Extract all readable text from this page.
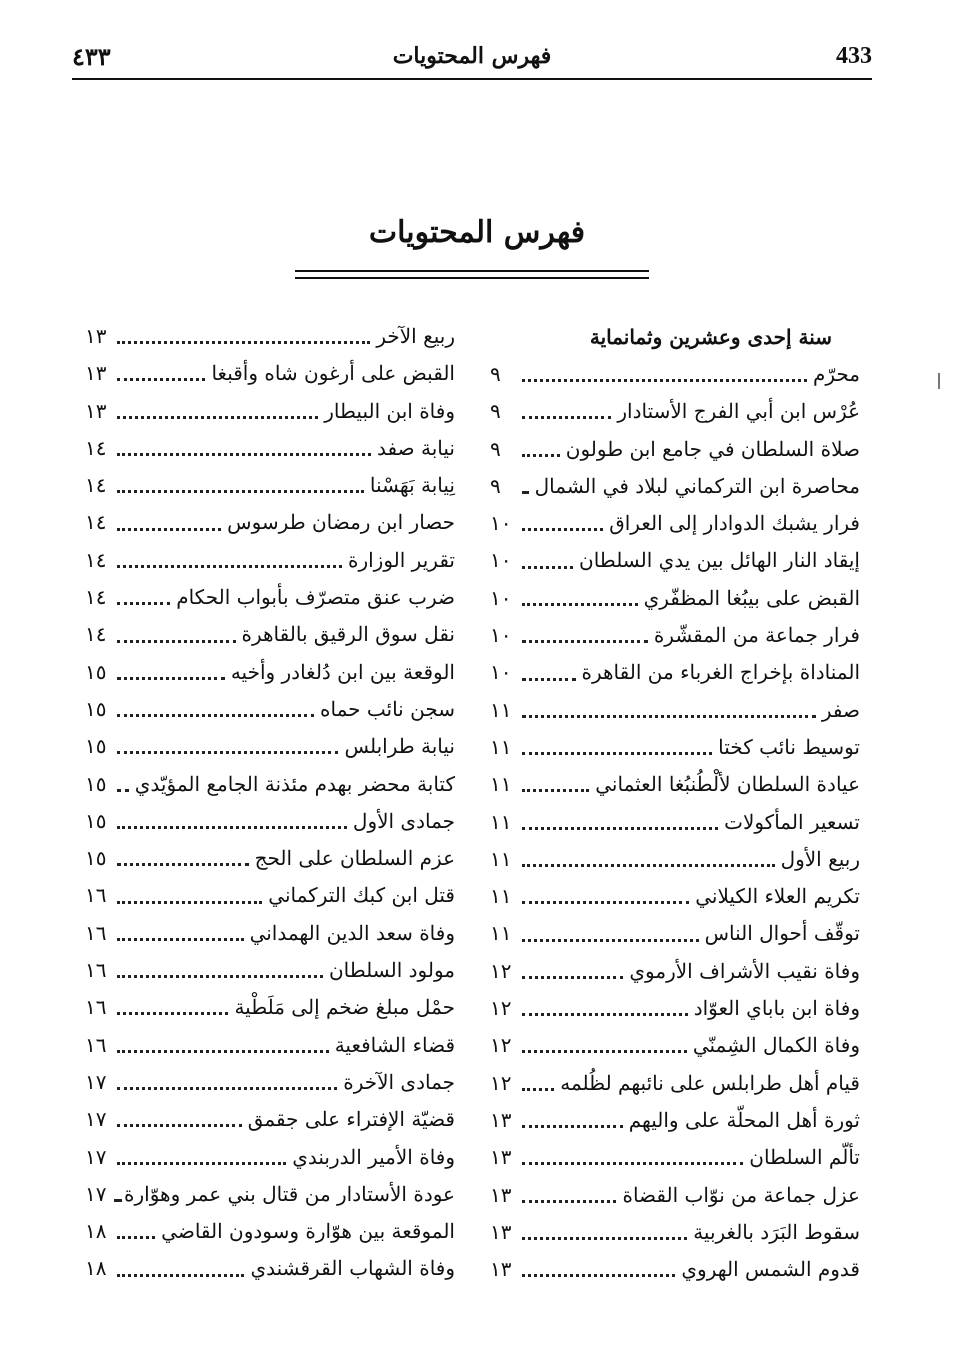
٤٣٣	فهرس المحتويات	433
فهرس المحتويات
سنة إحدى وعشرين وثمانماية
محرّم
٩
عُرْس ابن أبي الفرج الأستادار
٩
صلاة السلطان في جامع ابن طولون
٩
محاصرة ابن التركماني لبلاد في الشمال
٩
فرار يشبك الدوادار إلى العراق
١٠
إيقاد النار الهائل بين يدي السلطان
١٠
القبض على بيبُغا المظفّري
١٠
فرار جماعة من المقشّرة
١٠
المناداة بإخراج الغرباء من القاهرة
١٠
صفر
١١
توسيط نائب كختا
١١
عيادة السلطان لألْطُنبُغا العثماني
١١
تسعير المأكولات
١١
ربيع الأول
١١
تكريم العلاء الكيلاني
١١
توقّف أحوال الناس
١١
وفاة نقيب الأشراف الأرموي
١٢
وفاة ابن باباي العوّاد
١٢
وفاة الكمال الشِمنّي
١٢
قيام أهل طرابلس على نائبهم لظُلمه
١٢
ثورة أهل المحلّة على واليهم
١٣
تألّم السلطان
١٣
عزل جماعة من نوّاب القضاة
١٣
سقوط البَرَد بالغربية
١٣
قدوم الشمس الهروي
١٣
ربيع الآخر
١٣
القبض على أرغون شاه وأقبغا
١٣
وفاة ابن البيطار
١٣
نيابة صفد
١٤
نِيابة بَهَسْنا
١٤
حصار ابن رمضان طرسوس
١٤
تقرير الوزارة
١٤
ضرب عنق متصرّف بأبواب الحكام
١٤
نقل سوق الرقيق بالقاهرة
١٤
الوقعة بين ابن دُلغادر وأخيه
١٥
سجن نائب حماه
١٥
نيابة طرابلس
١٥
كتابة محضر بهدم مئذنة الجامع المؤيّدي
١٥
جمادى الأول
١٥
عزم السلطان على الحج
١٥
قتل ابن كبك التركماني
١٦
وفاة سعد الدين الهمداني
١٦
مولود السلطان
١٦
حمْل مبلغ ضخم إلى مَلَطْية
١٦
قضاء الشافعية
١٦
جمادى الآخرة
١٧
قضيّة الإفتراء على جقمق
١٧
وفاة الأمير الدربندي
١٧
عودة الأستادار من قتال بني عمر وهوّارة
١٧
الموقعة بين هوّارة وسودون القاضي
١٨
وفاة الشهاب القرقشندي
١٨
